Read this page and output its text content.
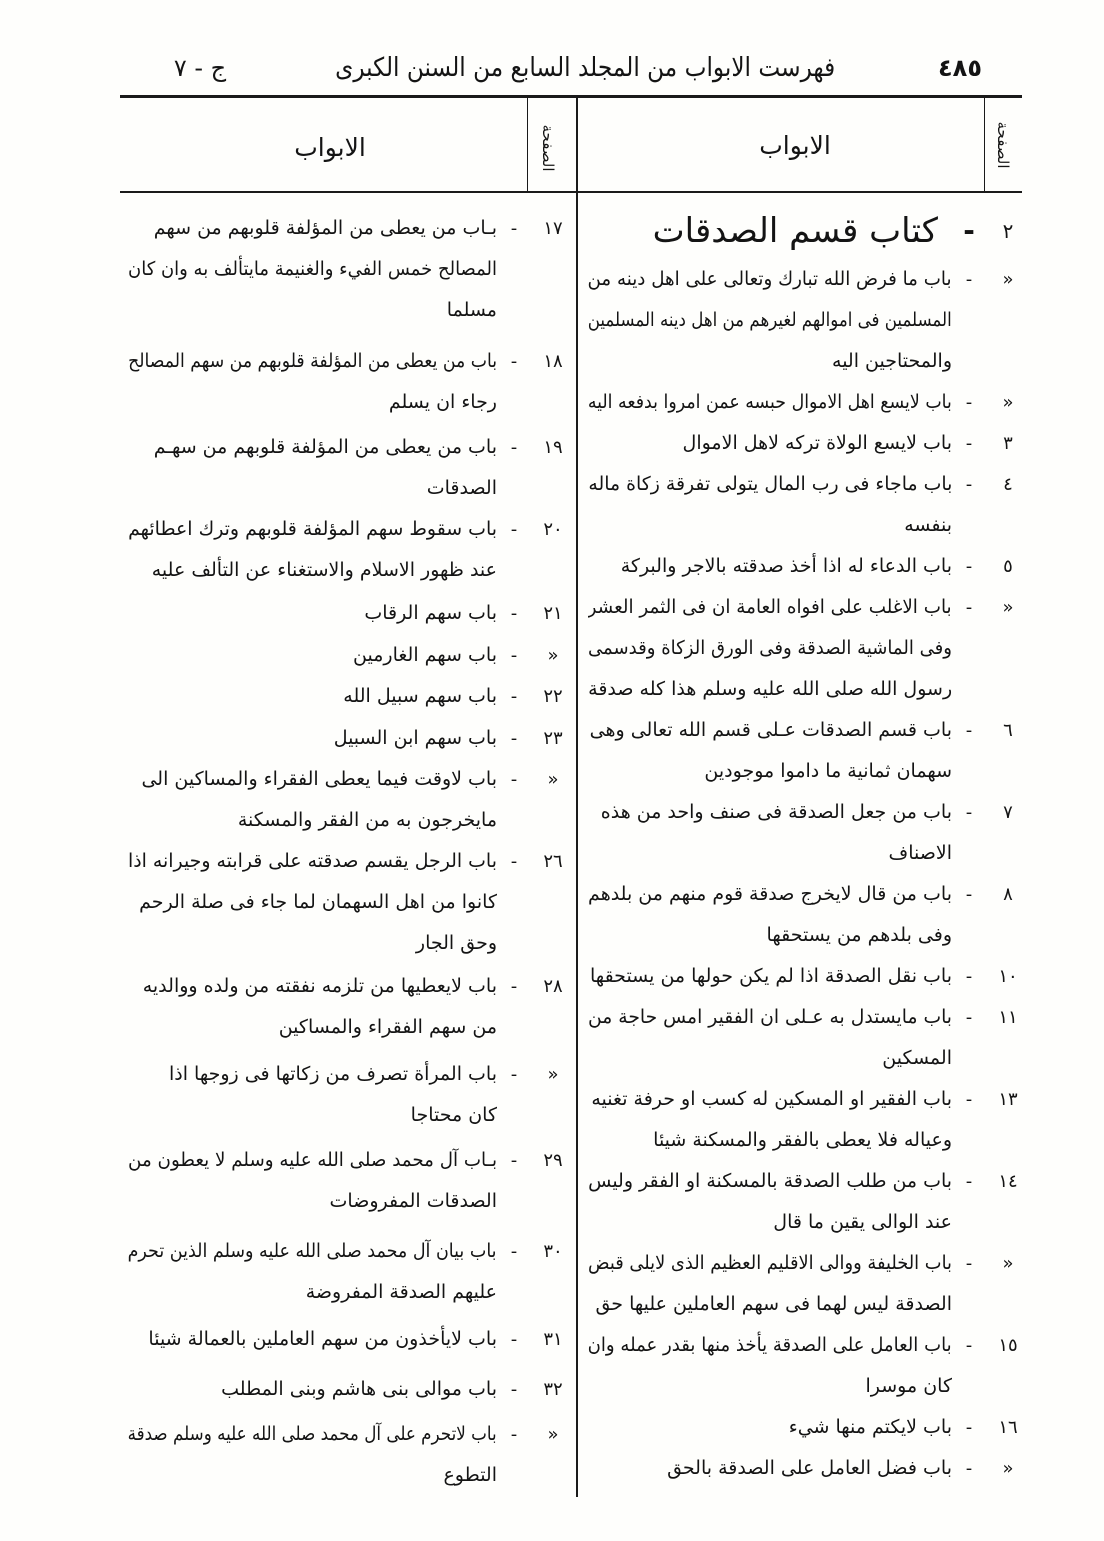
٤٨٥
فهرست الابواب من المجلد السابع من السنن الكبرى
ج - ٧
الابواب	الصفحة
الابواب	الصفحة
٢
-
كتاب قسم الصدقات
«
-
باب ما فرض الله تبارك وتعالى على اهل دينه من
المسلمين فى اموالهم لغيرهم من اهل دينه المسلمين
والمحتاجين اليه
«
-
باب لايسع اهل الاموال حبسه عمن امروا بدفعه اليه
٣
-
باب لايسع الولاة تركه لاهل الاموال
٤
-
باب ماجاء فى رب المال يتولى تفرقة زكاة ماله
بنفسه
٥
-
باب الدعاء له اذا أخذ صدقته بالاجر والبركة
«
-
باب الاغلب على افواه العامة ان فى الثمر العشر
وفى الماشية الصدقة وفى الورق الزكاة وقدسمى
رسول الله صلى الله عليه وسلم هذا كله صدقة
٦
-
باب قسم الصدقات عـلى قسم الله تعالى وهى
سهمان ثمانية ما داموا موجودين
٧
-
باب من جعل الصدقة فى صنف واحد من هذه
الاصناف
٨
-
باب من قال لايخرج صدقة قوم منهم من بلدهم
وفى بلدهم من يستحقها
١٠
-
باب نقل الصدقة اذا لم يكن حولها من يستحقها
١١
-
باب مايستدل به عـلى ان الفقير امس حاجة من
المسكين
١٣
-
باب الفقير او المسكين له كسب او حرفة تغنيه
وعياله فلا يعطى بالفقر والمسكنة شيئا
١٤
-
باب من طلب الصدقة بالمسكنة او الفقر وليس
عند الوالى يقين ما قال
«
-
باب الخليفة ووالى الاقليم العظيم الذى لايلى قبض
الصدقة ليس لهما فى سهم العاملين عليها حق
١٥
-
باب العامل على الصدقة يأخذ منها بقدر عمله وان
كان موسرا
١٦
-
باب لايكتم منها شيء
«
-
باب فضل العامل على الصدقة بالحق
١٧
-
بـاب من يعطى من المؤلفة قلوبهم من سهم
المصالح خمس الفيء والغنيمة مايتألف به وان كان
مسلما
١٨
-
باب من يعطى من المؤلفة قلوبهم من سهم المصالح
رجاء ان يسلم
١٩
-
باب من يعطى من المؤلفة قلوبهم من سهـم
الصدقات
٢٠
-
باب سقوط سهم المؤلفة قلوبهم وترك اعطائهم
عند ظهور الاسلام والاستغناء عن التألف عليه
٢١
-
باب سهم الرقاب
«
-
باب سهم الغارمين
٢٢
-
باب سهم سبيل الله
٢٣
-
باب سهم ابن السبيل
«
-
باب لاوقت فيما يعطى الفقراء والمساكين الى
مايخرجون به من الفقر والمسكنة
٢٦
-
باب الرجل يقسم صدقته على قرابته وجيرانه اذا
كانوا من اهل السهمان لما جاء فى صلة الرحم
وحق الجار
٢٨
-
باب لايعطيها من تلزمه نفقته من ولده ووالديه
من سهم الفقراء والمساكين
«
-
باب المرأة تصرف من زكاتها فى زوجها اذا
كان محتاجا
٢٩
-
بـاب آل محمد صلى الله عليه وسلم لا يعطون من
الصدقات المفروضات
٣٠
-
باب بيان آل محمد صلى الله عليه وسلم الذين تحرم
عليهم الصدقة المفروضة
٣١
-
باب لايأخذون من سهم العاملين بالعمالة شيئا
٣٢
-
باب موالى بنى هاشم وبنى المطلب
«
-
باب لاتحرم على آل محمد صلى الله عليه وسلم صدقة
التطوع
